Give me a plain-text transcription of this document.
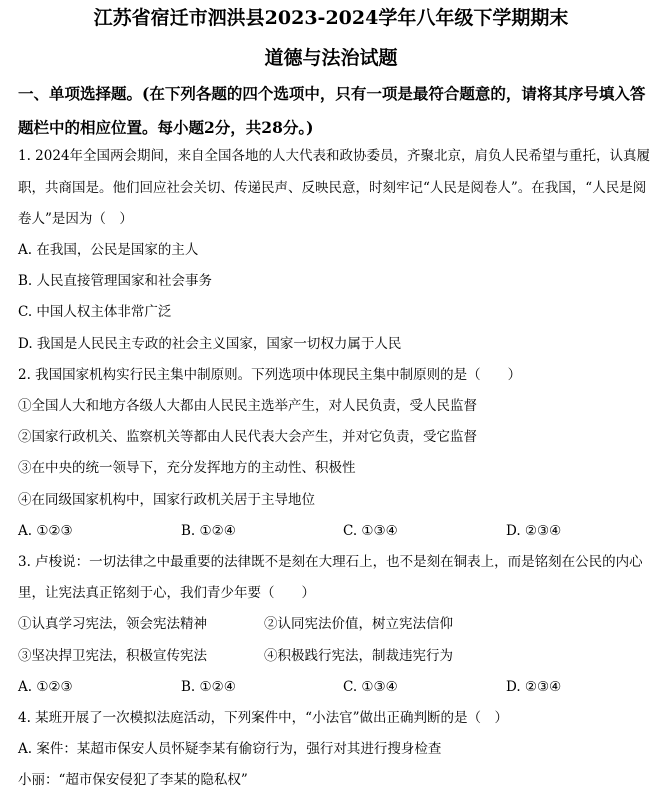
江苏省宿迁市泗洪县2023-2024学年八年级下学期期末
道德与法治试题
一、单项选择题。(在下列各题的四个选项中，只有一项是最符合题意的，请将其序号填入答
题栏中的相应位置。每小题2分，共28分。)
1. 2024年全国两会期间，来自全国各地的人大代表和政协委员，齐聚北京，肩负人民希望与重托，认真履
职，共商国是。他们回应社会关切、传递民声、反映民意，时刻牢记“人民是阅卷人”。在我国，“人民是阅
卷人”是因为（　）
A. 在我国，公民是国家的主人
B. 人民直接管理国家和社会事务
C. 中国人权主体非常广泛
D. 我国是人民民主专政的社会主义国家，国家一切权力属于人民
2. 我国国家机构实行民主集中制原则。下列选项中体现民主集中制原则的是（　　）
①全国人大和地方各级人大都由人民民主选举产生，对人民负责，受人民监督
②国家行政机关、监察机关等都由人民代表大会产生，并对它负责，受它监督
③在中央的统一领导下，充分发挥地方的主动性、积极性
④在同级国家机构中，国家行政机关居于主导地位
A. ①②③	B. ①②④	C. ①③④	D. ②③④
3. 卢梭说：一切法律之中最重要的法律既不是刻在大理石上，也不是刻在铜表上，而是铭刻在公民的内心
里，让宪法真正铭刻于心，我们青少年要（　　）
①认真学习宪法，领会宪法精神	②认同宪法价值，树立宪法信仰
③坚决捍卫宪法，积极宣传宪法	④积极践行宪法，制裁违宪行为
A. ①②③	B. ①②④	C. ①③④	D. ②③④
4. 某班开展了一次模拟法庭活动，下列案件中，“小法官”做出正确判断的是（　）
A. 案件：某超市保安人员怀疑李某有偷窃行为，强行对其进行搜身检查
小丽：“超市保安侵犯了李某的隐私权”
